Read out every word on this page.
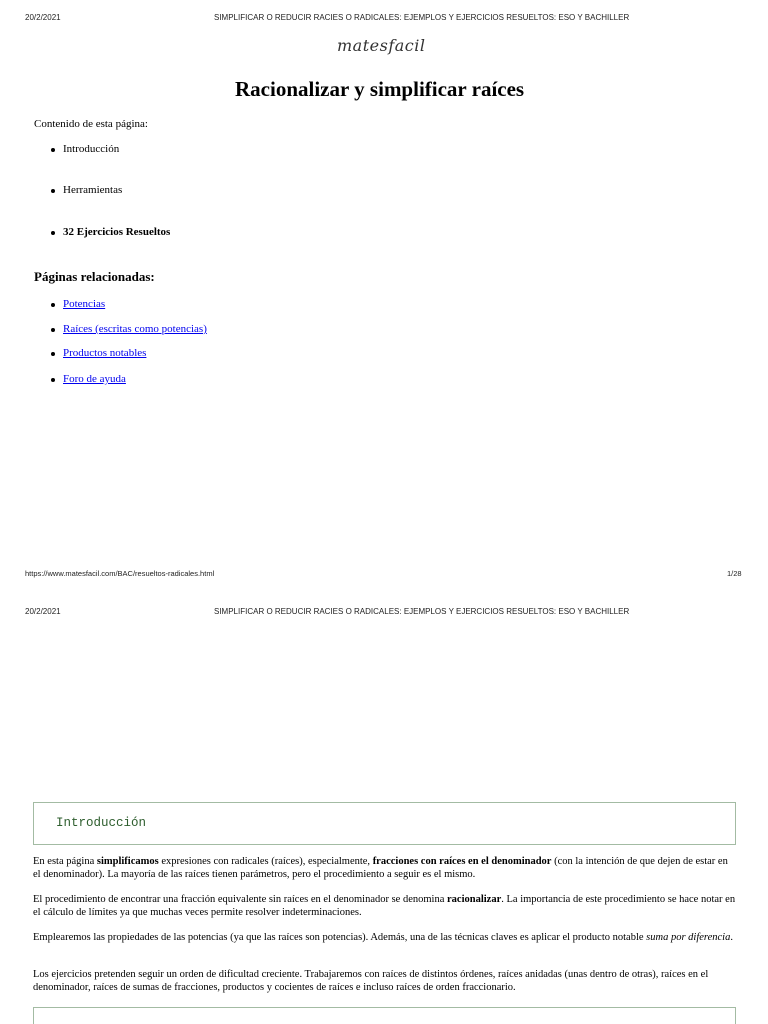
20/2/2021	SIMPLIFICAR O REDUCIR RACIES O RADICALES: EJEMPLOS Y EJERCICIOS RESUELTOS: ESO Y BACHILLER
matesfacil
Racionalizar y simplificar raíces
Contenido de esta página:
Introducción
Herramientas
32 Ejercicios Resueltos
Páginas relacionadas:
Potencias
Raíces (escritas como potencias)
Productos notables
Foro de ayuda
https://www.matesfacil.com/BAC/resueltos-radicales.html	1/28
20/2/2021	SIMPLIFICAR O REDUCIR RACIES O RADICALES: EJEMPLOS Y EJERCICIOS RESUELTOS: ESO Y BACHILLER
Introducción

En esta página simplificamos expresiones con radicales (raíces), especialmente, fracciones con raíces en el denominador (con la intención de que dejen de estar en el denominador). La mayoría de las raíces tienen parámetros, pero el procedimiento a seguir es el mismo.

El procedimiento de encontrar una fracción equivalente sin raíces en el denominador se denomina racionalizar. La importancia de este procedimiento se hace notar en el cálculo de límites ya que muchas veces permite resolver indeterminaciones.

Emplearemos las propiedades de las potencias (ya que las raíces son potencias). Además, una de las técnicas claves es aplicar el producto notable suma por diferencia.

Los ejercicios pretenden seguir un orden de dificultad creciente. Trabajaremos con raíces de distintos órdenes, raíces anidadas (unas dentro de otras), raíces en el denominador, raíces de sumas de fracciones, productos y cocientes de raíces e incluso raíces de orden fraccionario.
